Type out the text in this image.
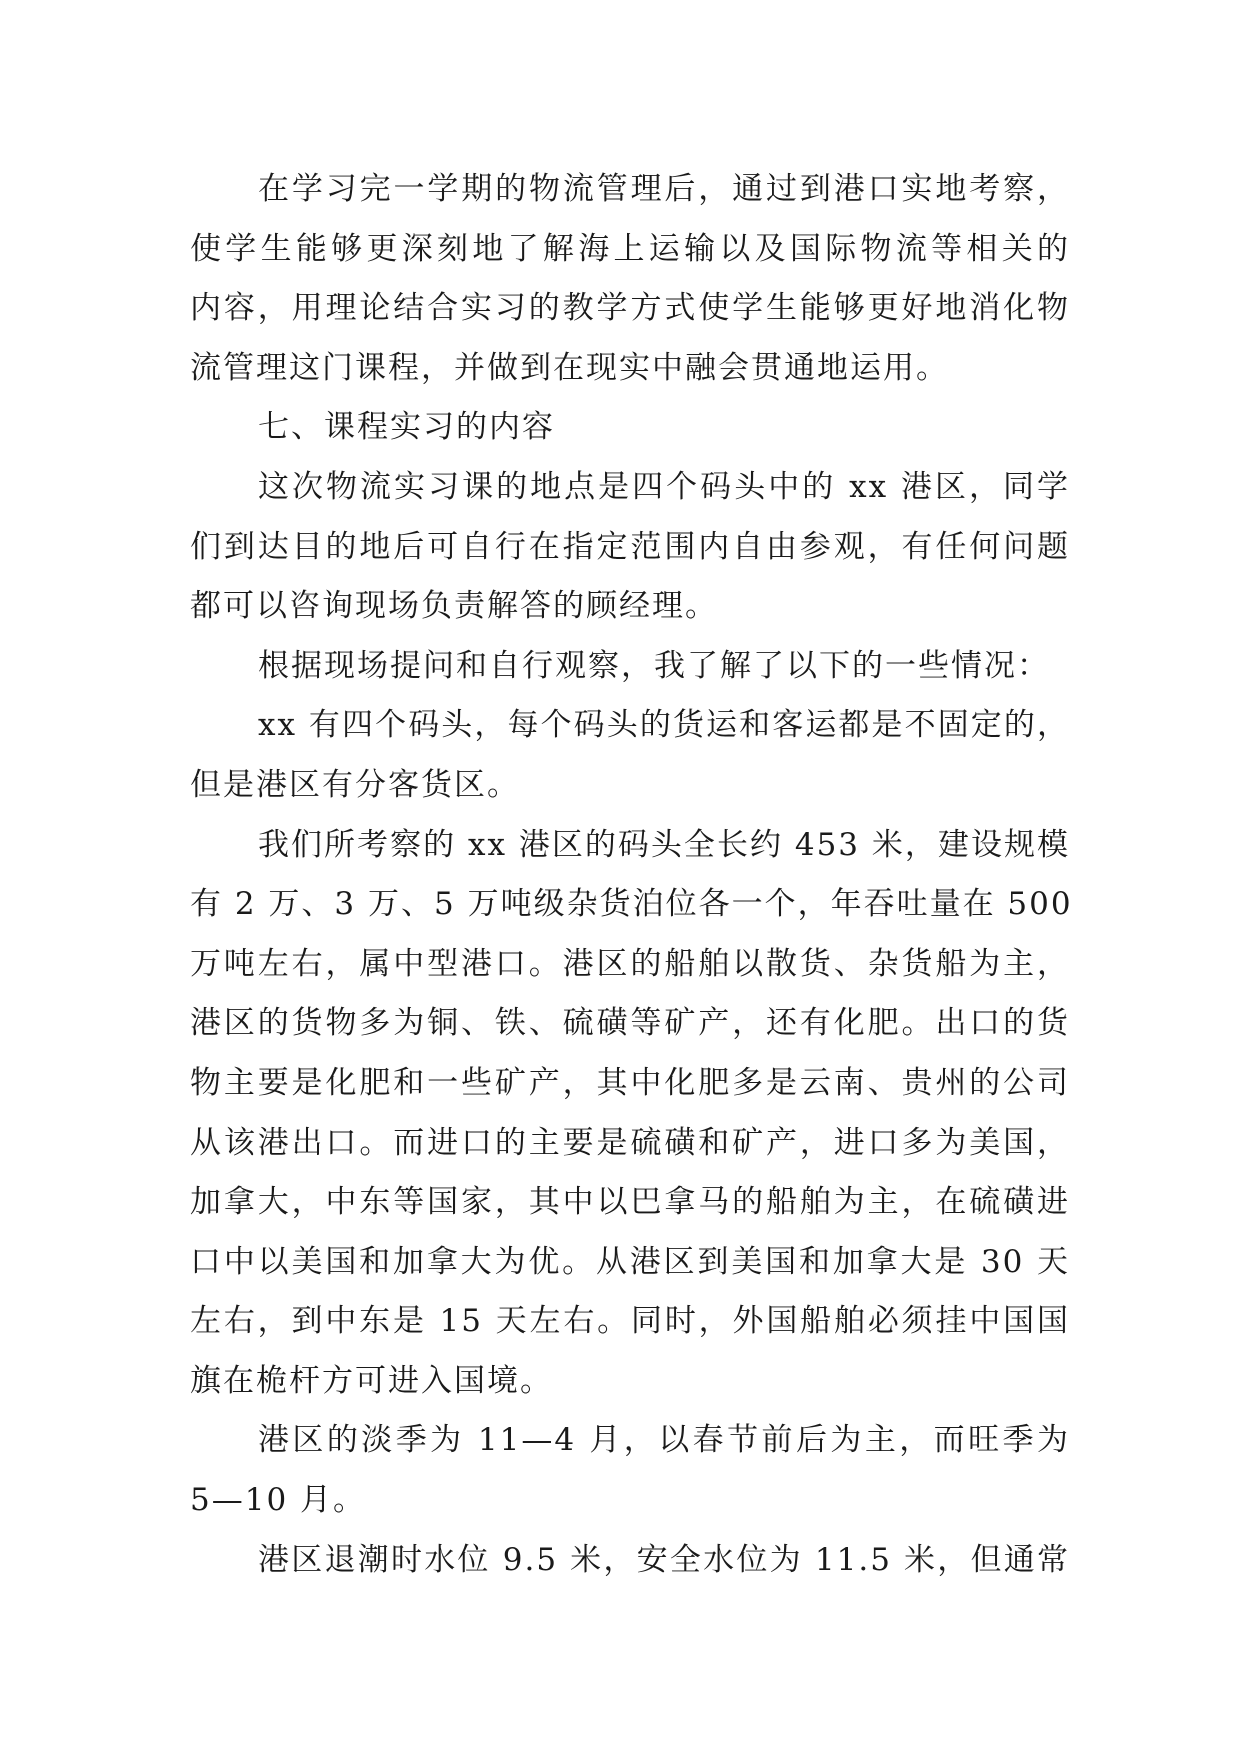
在学习完一学期的物流管理后，通过到港口实地考察，
使学生能够更深刻地了解海上运输以及国际物流等相关的
内容，用理论结合实习的教学方式使学生能够更好地消化物
流管理这门课程，并做到在现实中融会贯通地运用。
七、课程实习的内容
这次物流实习课的地点是四个码头中的 xx 港区，同学
们到达目的地后可自行在指定范围内自由参观，有任何问题
都可以咨询现场负责解答的顾经理。
根据现场提问和自行观察，我了解了以下的一些情况：
xx 有四个码头，每个码头的货运和客运都是不固定的，
但是港区有分客货区。
我们所考察的 xx 港区的码头全长约 453 米，建设规模
有 2 万、3 万、5 万吨级杂货泊位各一个，年吞吐量在 500
万吨左右，属中型港口。港区的船舶以散货、杂货船为主，
港区的货物多为铜、铁、硫磺等矿产，还有化肥。出口的货
物主要是化肥和一些矿产，其中化肥多是云南、贵州的公司
从该港出口。而进口的主要是硫磺和矿产，进口多为美国，
加拿大，中东等国家，其中以巴拿马的船舶为主，在硫磺进
口中以美国和加拿大为优。从港区到美国和加拿大是 30 天
左右，到中东是 15 天左右。同时，外国船舶必须挂中国国
旗在桅杆方可进入国境。
港区的淡季为 11—4 月，以春节前后为主，而旺季为
5—10 月。
港区退潮时水位 9.5 米，安全水位为 11.5 米，但通常
